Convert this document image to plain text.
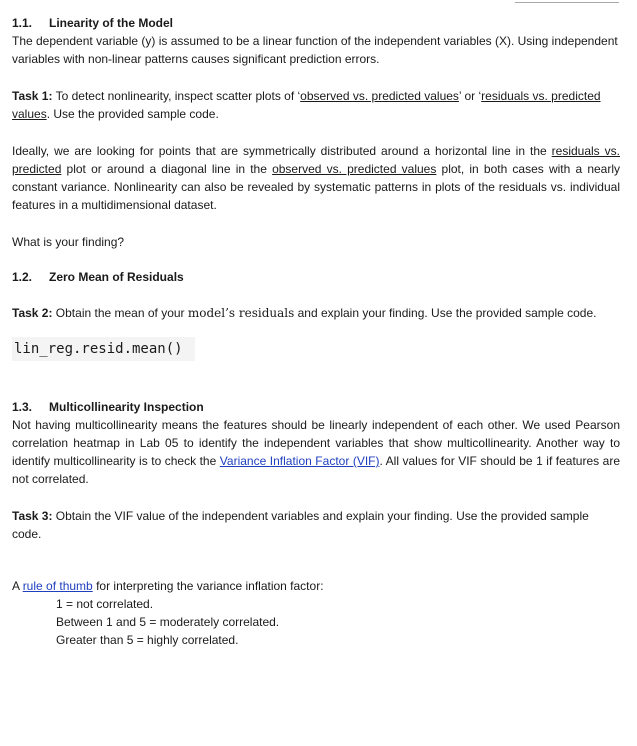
1.1. Linearity of the Model

The dependent variable (y) is assumed to be a linear function of the independent variables (X). Using independent variables with non-linear patterns causes significant prediction errors.

Task 1: To detect nonlinearity, inspect scatter plots of ‘observed vs. predicted values’ or ‘residuals vs. predicted values. Use the provided sample code.

Ideally, we are looking for points that are symmetrically distributed around a horizontal line in the residuals vs. predicted plot or around a diagonal line in the observed vs. predicted values plot, in both cases with a nearly constant variance. Nonlinearity can also be revealed by systematic patterns in plots of the residuals vs. individual features in a multidimensional dataset.

What is your finding?

1.2. Zero Mean of Residuals

Task 2: Obtain the mean of your model’s residuals and explain your finding. Use the provided sample code.

lin_reg.resid.mean()

1.3. Multicollinearity Inspection

Not having multicollinearity means the features should be linearly independent of each other. We used Pearson correlation heatmap in Lab 05 to identify the independent variables that show multicollinearity. Another way to identify multicollinearity is to check the Variance Inflation Factor (VIF). All values for VIF should be 1 if features are not correlated.

Task 3: Obtain the VIF value of the independent variables and explain your finding. Use the provided sample code.

A rule of thumb for interpreting the variance inflation factor:

1 = not correlated.

Between 1 and 5 = moderately correlated.

Greater than 5 = highly correlated.
